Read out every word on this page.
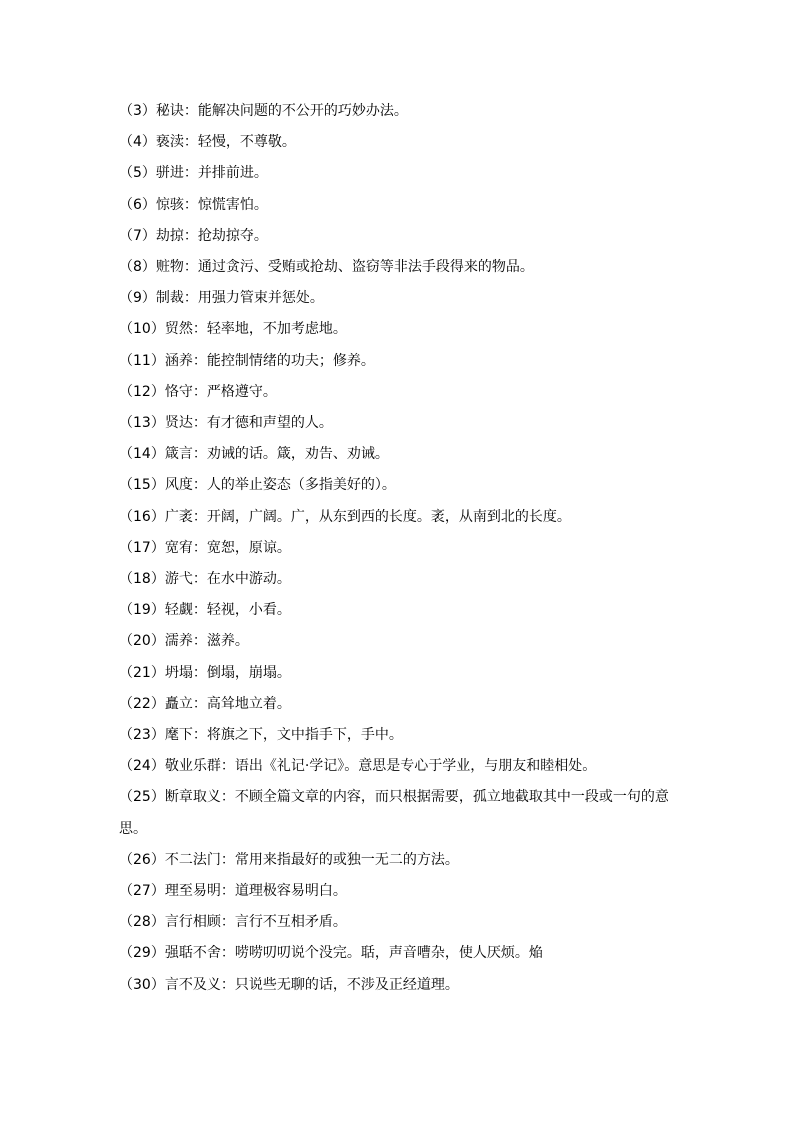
（3）秘诀：能解决问题的不公开的巧妙办法。
（4）亵渎：轻慢，不尊敬。
（5）骈进：并排前进。
（6）惊骇：惊慌害怕。
（7）劫掠：抢劫掠夺。
（8）赃物：通过贪污、受贿或抢劫、盗窃等非法手段得来的物品。
（9）制裁：用强力管束并惩处。
（10）贸然：轻率地，不加考虑地。
（11）涵养：能控制情绪的功夫；修养。
（12）恪守：严格遵守。
（13）贤达：有才德和声望的人。
（14）箴言：劝诫的话。箴，劝告、劝诫。
（15）风度：人的举止姿态（多指美好的）。
（16）广袤：开阔，广阔。广，从东到西的长度。袤，从南到北的长度。
（17）宽宥：宽恕，原谅。
（18）游弋：在水中游动。
（19）轻觑：轻视，小看。
（20）濡养：滋养。
（21）坍塌：倒塌，崩塌。
（22）矗立：高耸地立着。
（23）麾下：将旗之下，文中指手下，手中。
（24）敬业乐群：语出《礼记·学记》。意思是专心于学业，与朋友和睦相处。
（25）断章取义：不顾全篇文章的内容，而只根据需要，孤立地截取其中一段或一句的意思。
（26）不二法门：常用来指最好的或独一无二的方法。
（27）理至易明：道理极容易明白。
（28）言行相顾：言行不互相矛盾。
（29）强聒不舍：唠唠叨叨说个没完。聒，声音嘈杂，使人厌烦。焔
（30）言不及义：只说些无聊的话，不涉及正经道理。
